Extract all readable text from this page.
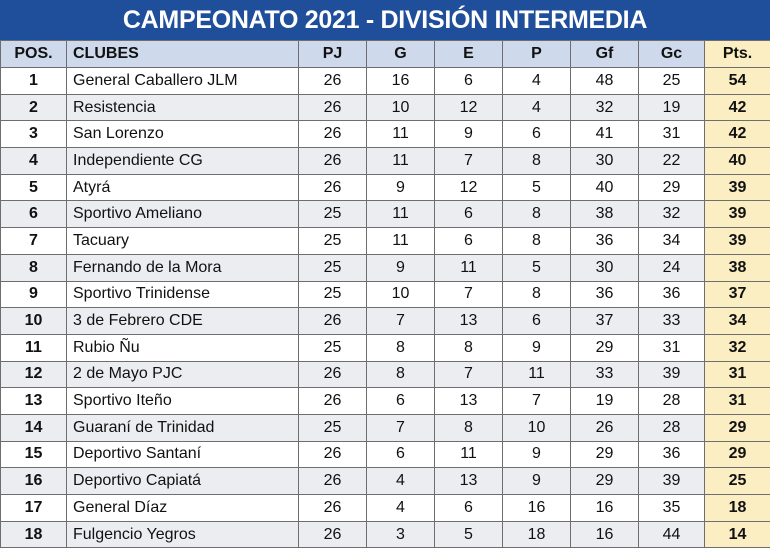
CAMPEONATO 2021 - DIVISIÓN INTERMEDIA
POS.	CLUBES	PJ	G	E	P	Gf	Gc	Pts.
1	General Caballero JLM	26	16	6	4	48	25	54
2	Resistencia	26	10	12	4	32	19	42
3	San Lorenzo	26	11	9	6	41	31	42
4	Independiente CG	26	11	7	8	30	22	40
5	Atyrá	26	9	12	5	40	29	39
6	Sportivo Ameliano	25	11	6	8	38	32	39
7	Tacuary	25	11	6	8	36	34	39
8	Fernando de la Mora	25	9	11	5	30	24	38
9	Sportivo Trinidense	25	10	7	8	36	36	37
10	3 de Febrero CDE	26	7	13	6	37	33	34
11	Rubio Ñu	25	8	8	9	29	31	32
12	2 de Mayo PJC	26	8	7	11	33	39	31
13	Sportivo Iteño	26	6	13	7	19	28	31
14	Guaraní de Trinidad	25	7	8	10	26	28	29
15	Deportivo Santaní	26	6	11	9	29	36	29
16	Deportivo Capiatá	26	4	13	9	29	39	25
17	General Díaz	26	4	6	16	16	35	18
18	Fulgencio Yegros	26	3	5	18	16	44	14
